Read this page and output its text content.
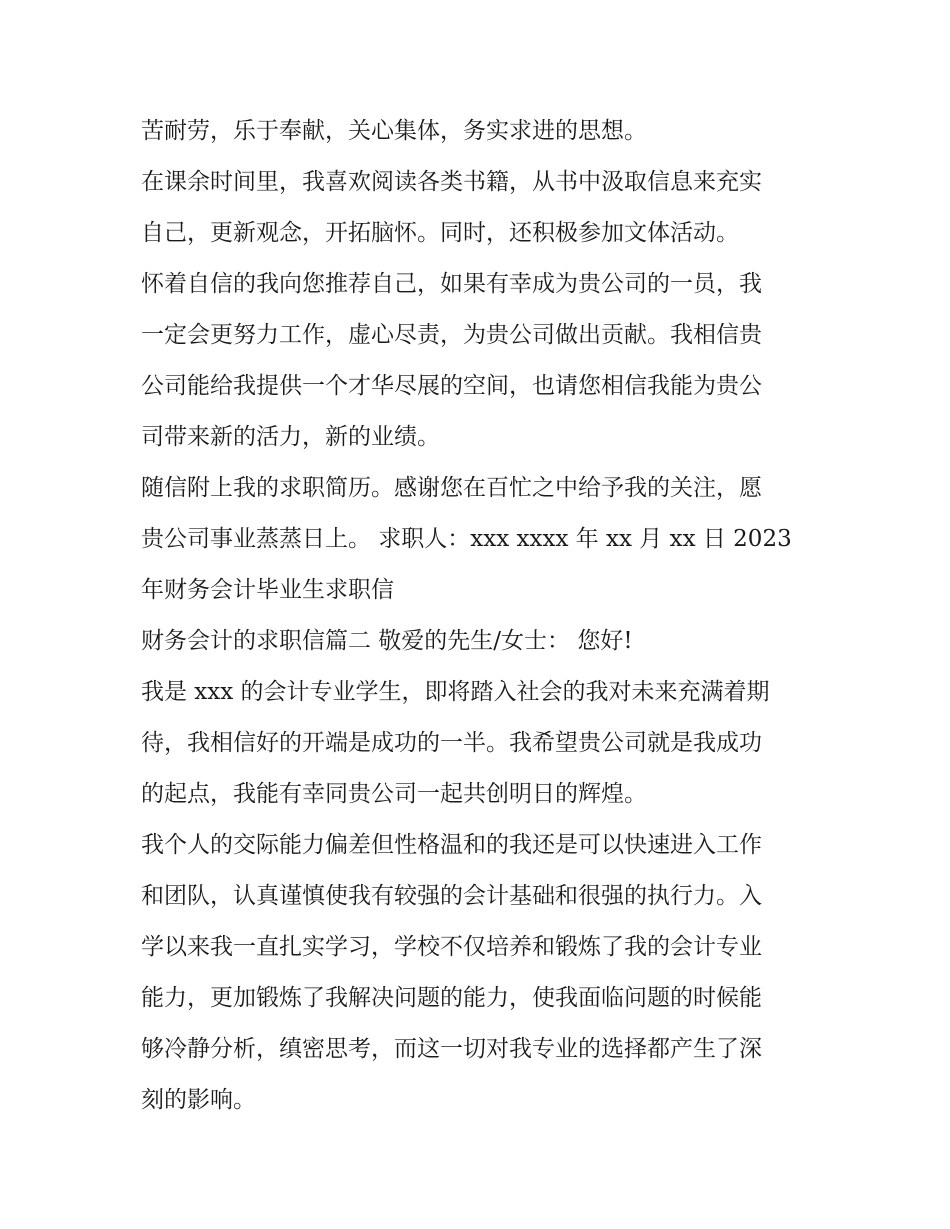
苦耐劳，乐于奉献，关心集体，务实求进的思想。
在课余时间里，我喜欢阅读各类书籍，从书中汲取信息来充实
自己，更新观念，开拓脑怀。同时，还积极参加文体活动。
怀着自信的我向您推荐自己，如果有幸成为贵公司的一员，我
一定会更努力工作，虚心尽责，为贵公司做出贡献。我相信贵
公司能给我提供一个才华尽展的空间，也请您相信我能为贵公
司带来新的活力，新的业绩。
随信附上我的求职简历。感谢您在百忙之中给予我的关注，愿
贵公司事业蒸蒸日上。 求职人：xxx xxxx 年 xx 月 xx 日 2023
年财务会计毕业生求职信
财务会计的求职信篇二 敬爱的先生/女士： 您好!
我是 xxx 的会计专业学生，即将踏入社会的我对未来充满着期
待，我相信好的开端是成功的一半。我希望贵公司就是我成功
的起点，我能有幸同贵公司一起共创明日的辉煌。
我个人的交际能力偏差但性格温和的我还是可以快速进入工作
和团队，认真谨慎使我有较强的会计基础和很强的执行力。入
学以来我一直扎实学习，学校不仅培养和锻炼了我的会计专业
能力，更加锻炼了我解决问题的能力，使我面临问题的时候能
够冷静分析，缜密思考，而这一切对我专业的选择都产生了深
刻的影响。
